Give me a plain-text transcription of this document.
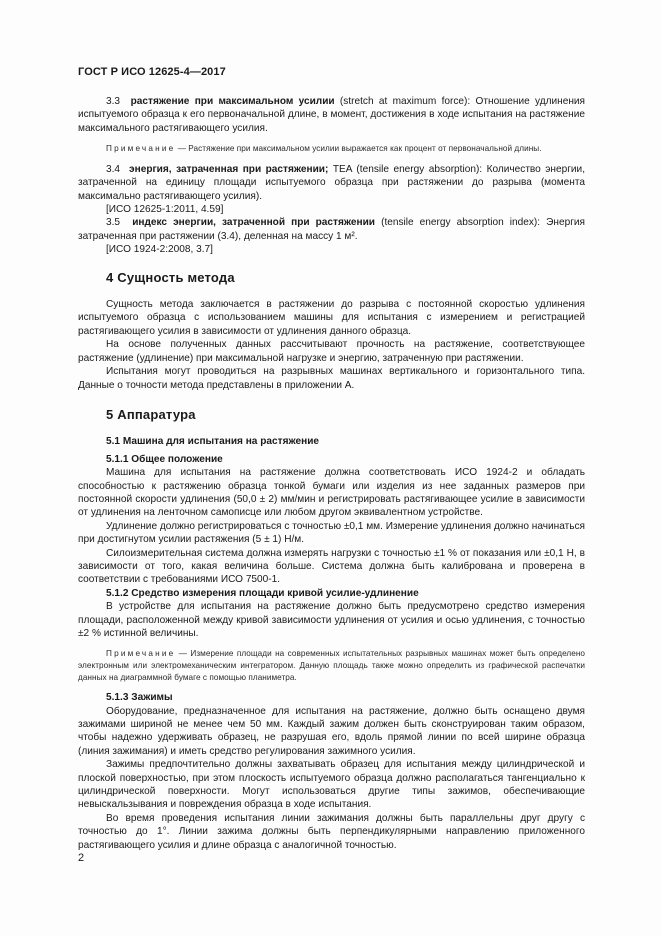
ГОСТ Р ИСО 12625-4—2017

3.3 растяжение при максимальном усилии (stretch at maximum force): Отношение удлинения испытуемого образца к его первоначальной длине, в момент, достижения в ходе испытания на растяжение максимального растягивающего усилия.

Примечание — Растяжение при максимальном усилии выражается как процент от первоначальной длины.

3.4 энергия, затраченная при растяжении; TEA (tensile energy absorption): Количество энергии, затраченной на единицу площади испытуемого образца при растяжении до разрыва (момента максимально растягивающего усилия).

[ИСО 12625-1:2011, 4.59]

3.5 индекс энергии, затраченной при растяжении (tensile energy absorption index): Энергия затраченная при растяжении (3.4), деленная на массу 1 м².

[ИСО 1924-2:2008, 3.7]

4 Сущность метода

Сущность метода заключается в растяжении до разрыва с постоянной скоростью удлинения испытуемого образца с использованием машины для испытания с измерением и регистрацией растягивающего усилия в зависимости от удлинения данного образца.

На основе полученных данных рассчитывают прочность на растяжение, соответствующее растяжение (удлинение) при максимальной нагрузке и энергию, затраченную при растяжении.

Испытания могут проводиться на разрывных машинах вертикального и горизонтального типа. Данные о точности метода представлены в приложении А.

5 Аппаратура
5.1 Машина для испытания на растяжение
5.1.1 Общее положение

Машина для испытания на растяжение должна соответствовать ИСО 1924-2 и обладать способностью к растяжению образца тонкой бумаги или изделия из нее заданных размеров при постоянной скорости удлинения (50,0 ± 2) мм/мин и регистрировать растягивающее усилие в зависимости от удлинения на ленточном самописце или любом другом эквивалентном устройстве.

Удлинение должно регистрироваться с точностью ±0,1 мм. Измерение удлинения должно начинаться при достигнутом усилии растяжения (5 ± 1) Н/м.

Силоизмерительная система должна измерять нагрузки с точностью ±1 % от показания или ±0,1 Н, в зависимости от того, какая величина больше. Система должна быть калибрована и проверена в соответствии с требованиями ИСО 7500-1.

5.1.2 Средство измерения площади кривой усилие-удлинение

В устройстве для испытания на растяжение должно быть предусмотрено средство измерения площади, расположенной между кривой зависимости удлинения от усилия и осью удлинения, с точностью ±2 % истинной величины.

Примечание — Измерение площади на современных испытательных разрывных машинах может быть определено электронным или электромеханическим интегратором. Данную площадь также можно определить из графической распечатки данных на диаграммной бумаге с помощью планиметра.

5.1.3 Зажимы

Оборудование, предназначенное для испытания на растяжение, должно быть оснащено двумя зажимами шириной не менее чем 50 мм. Каждый зажим должен быть сконструирован таким образом, чтобы надежно удерживать образец, не разрушая его, вдоль прямой линии по всей ширине образца (линия зажимания) и иметь средство регулирования зажимного усилия.

Зажимы предпочтительно должны захватывать образец для испытания между цилиндрической и плоской поверхностью, при этом плоскость испытуемого образца должно располагаться тангенциально к цилиндрической поверхности. Могут использоваться другие типы зажимов, обеспечивающие невыскальзывания и повреждения образца в ходе испытания.

Во время проведения испытания линии зажимания должны быть параллельны друг другу с точностью до 1°. Линии зажима должны быть перпендикулярными направлению приложенного растягивающего усилия и длине образца с аналогичной точностью.

2
